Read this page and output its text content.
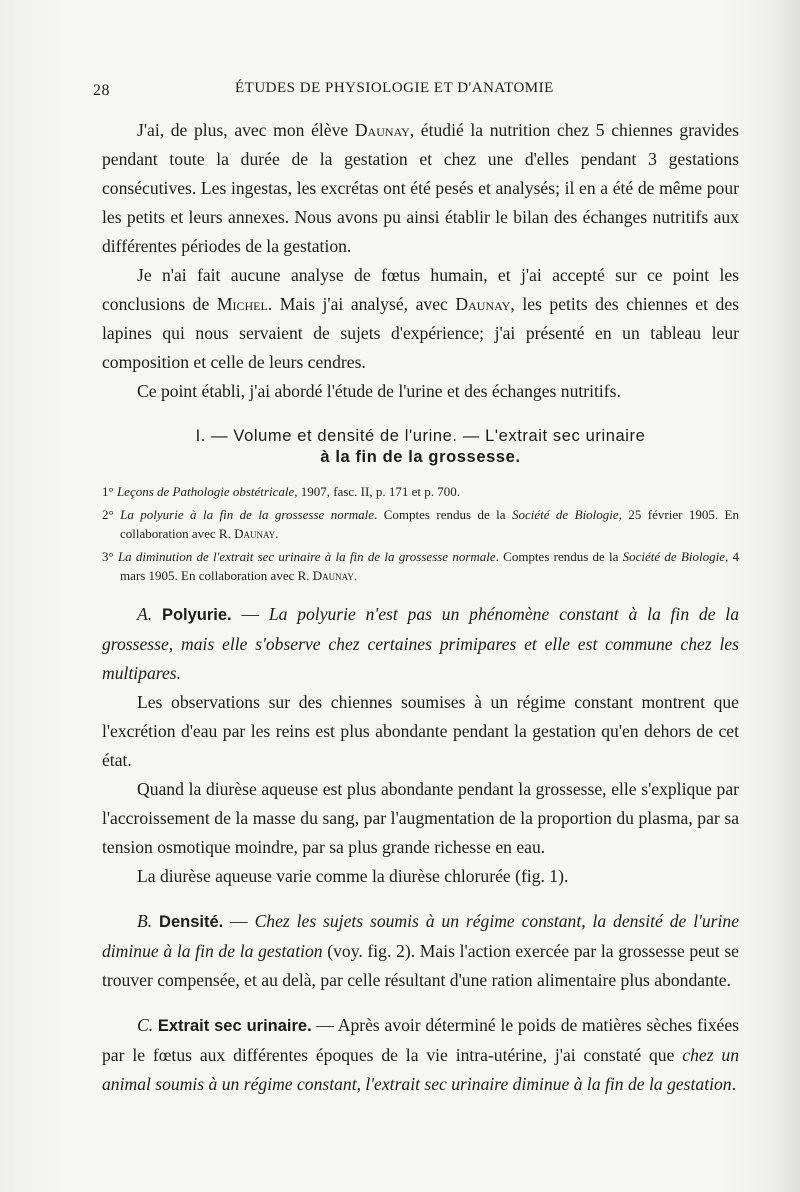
28	ÉTUDES DE PHYSIOLOGIE ET D'ANATOMIE

J'ai, de plus, avec mon élève Daunay, étudié la nutrition chez 5 chiennes gravides pendant toute la durée de la gestation et chez une d'elles pendant 3 gestations consécutives. Les ingestas, les excrétas ont été pesés et analysés; il en a été de même pour les petits et leurs annexes. Nous avons pu ainsi établir le bilan des échanges nutritifs aux différentes périodes de la gestation.

Je n'ai fait aucune analyse de fœtus humain, et j'ai accepté sur ce point les conclusions de Michel. Mais j'ai analysé, avec Daunay, les petits des chiennes et des lapines qui nous servaient de sujets d'expérience; j'ai présenté en un tableau leur composition et celle de leurs cendres.

Ce point établi, j'ai abordé l'étude de l'urine et des échanges nutritifs.

I. — Volume et densité de l'urine. — L'extrait sec urinaire
à la fin de la grossesse.
1° Leçons de Pathologie obstétricale, 1907, fasc. II, p. 171 et p. 700.
2° La polyurie à la fin de la grossesse normale. Comptes rendus de la Société de Biologie, 25 février 1905. En collaboration avec R. Daunay.
3° La diminution de l'extrait sec urinaire à la fin de la grossesse normale. Comptes rendus de la Société de Biologie, 4 mars 1905. En collaboration avec R. Daunay.

A. Polyurie. — La polyurie n'est pas un phénomène constant à la fin de la grossesse, mais elle s'observe chez certaines primipares et elle est commune chez les multipares.

Les observations sur des chiennes soumises à un régime constant montrent que l'excrétion d'eau par les reins est plus abondante pendant la gestation qu'en dehors de cet état.

Quand la diurèse aqueuse est plus abondante pendant la grossesse, elle s'explique par l'accroissement de la masse du sang, par l'augmentation de la proportion du plasma, par sa tension osmotique moindre, par sa plus grande richesse en eau.

La diurèse aqueuse varie comme la diurèse chlorurée (fig. 1).

B. Densité. — Chez les sujets soumis à un régime constant, la densité de l'urine diminue à la fin de la gestation (voy. fig. 2). Mais l'action exercée par la grossesse peut se trouver compensée, et au delà, par celle résultant d'une ration alimentaire plus abondante.

C. Extrait sec urinaire. — Après avoir déterminé le poids de matières sèches fixées par le fœtus aux différentes époques de la vie intra-utérine, j'ai constaté que chez un animal soumis à un régime constant, l'extrait sec urinaire diminue à la fin de la gestation.
